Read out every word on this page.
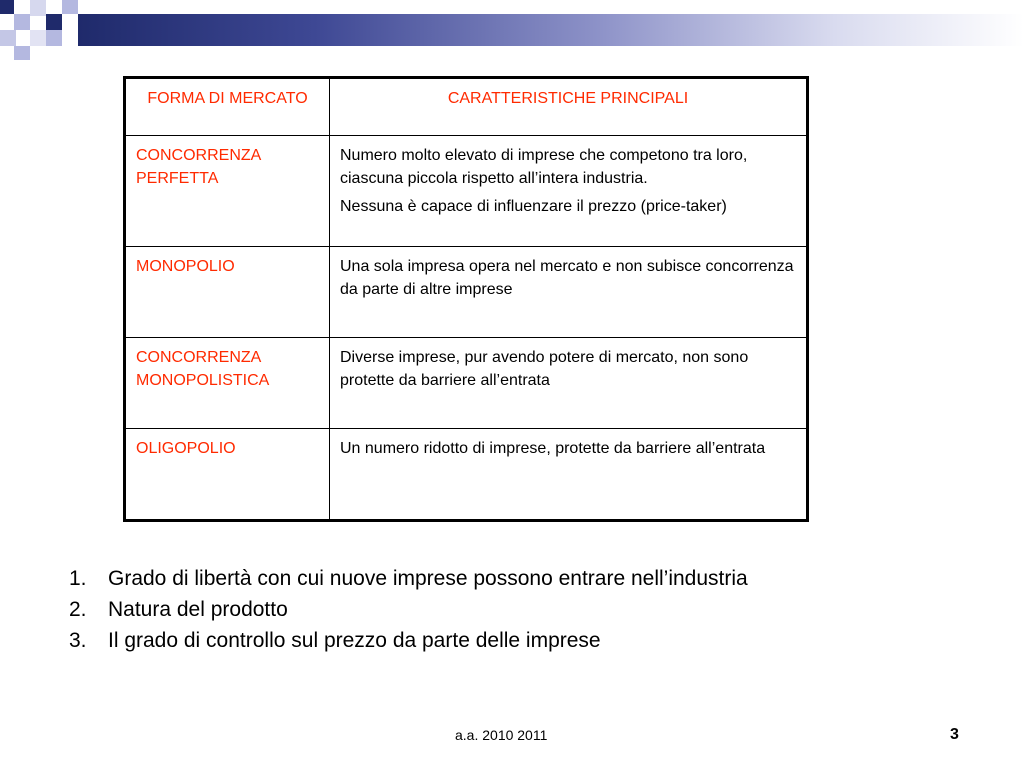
FORMA DI MERCATO	CARATTERISTICHE PRINCIPALI
CONCORRENZA PERFETTA	Numero molto elevato di imprese che competono tra loro, ciascuna piccola rispetto all’intera industria.

Nessuna è capace di influenzare il prezzo (price-taker)

MONOPOLIO	Una sola impresa opera nel mercato e non subisce concorrenza da parte di altre imprese

CONCORRENZA MONOPOLISTICA	Diverse imprese, pur avendo potere di mercato, non sono protette da barriere all’entrata

OLIGOPOLIO	Un numero ridotto di imprese, protette da barriere all’entrata

1.	Grado di libertà con cui nuove imprese possono entrare nell’industria
2.	Natura del prodotto
3.	Il grado di controllo sul prezzo da parte delle imprese
a.a. 2010 2011	3
